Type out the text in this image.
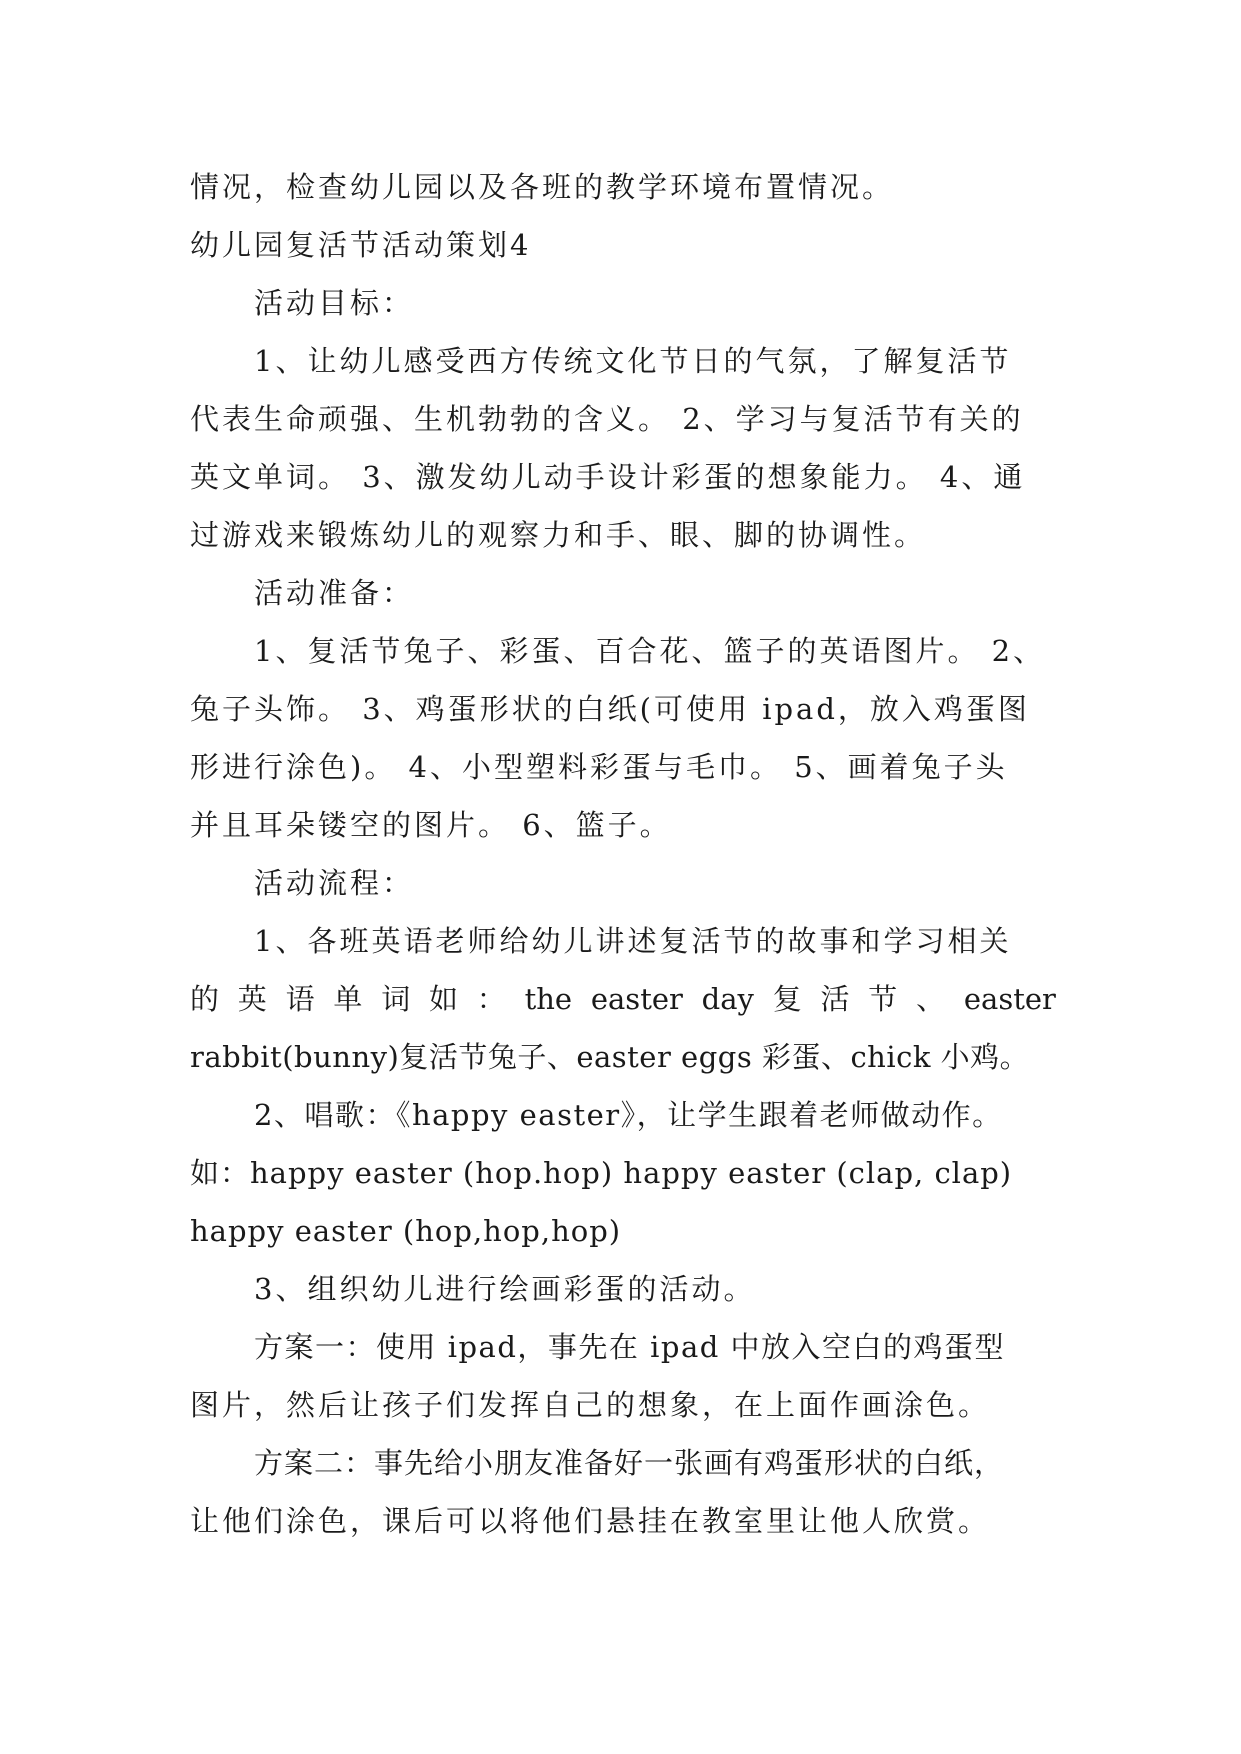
情况，检查幼儿园以及各班的教学环境布置情况。
幼儿园复活节活动策划4
活动目标：
1、让幼儿感受西方传统文化节日的气氛，了解复活节
代表生命顽强、生机勃勃的含义。 2、学习与复活节有关的
英文单词。 3、激发幼儿动手设计彩蛋的想象能力。 4、通
过游戏来锻炼幼儿的观察力和手、眼、脚的协调性。
活动准备：
1、复活节兔子、彩蛋、百合花、篮子的英语图片。 2、
兔子头饰。 3、鸡蛋形状的白纸(可使用 ipad，放入鸡蛋图
形进行涂色)。 4、小型塑料彩蛋与毛巾。 5、画着兔子头
并且耳朵镂空的图片。 6、篮子。
活动流程：
1、各班英语老师给幼儿讲述复活节的故事和学习相关
的 英 语 单 词 如 ： the easter day 复 活 节 、 easter
rabbit(bunny)复活节兔子、easter eggs 彩蛋、chick 小鸡。
2、唱歌：《happy easter》，让学生跟着老师做动作。
如：happy easter (hop.hop) happy easter (clap, clap)
happy easter (hop,hop,hop)
3、组织幼儿进行绘画彩蛋的活动。
方案一：使用 ipad，事先在 ipad 中放入空白的鸡蛋型
图片，然后让孩子们发挥自己的想象，在上面作画涂色。
方案二：事先给小朋友准备好一张画有鸡蛋形状的白纸，
让他们涂色，课后可以将他们悬挂在教室里让他人欣赏。
